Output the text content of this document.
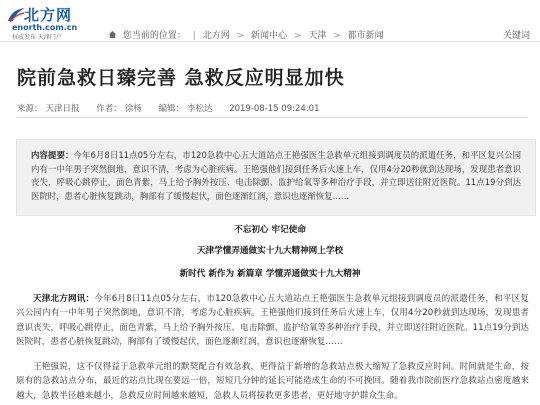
北方网
enorth.com.cn
权威发布 天津门户	您当前的位置： | 北方网 > 新闻中心 > 天津 > 都市新闻	关键词
院前急救日臻完善 急救反应明显加快
来源： 天津日报 作者： 徐杨 编辑： 李松达 2019-08-15 09:24:01
内容提要：今年6月8日11点05分左右，市120急救中心五大道站点王艳强医生急救单元组接到调度员的派遣任务，和平区复兴公园内有一中年男子突然倒地，意识不清，考虑为心脏疾病。王艳强他们接到任务后火速上车，仅用4分20秒就到达现场，发现患者意识丧失，呼吸心跳停止，面色青紫，马上给予胸外按压、电击除颤、监护给氧等多种治疗手段，并立即送往附近医院。11点19分到达医院时，患者心脏恢复跳动，胸部有了缓慢起伏，面色逐渐红润，意识也逐渐恢复……
不忘初心 牢记使命
天津学懂弄通做实十九大精神网上学校
新时代 新作为 新篇章 学懂弄通做实十九大精神
天津北方网讯：今年6月8日11点05分左右，市120急救中心五大道站点王艳强医生急救单元组接到调度员的派遣任务，和平区复兴公园内有一中年男子突然倒地，意识不清，考虑为心脏疾病。王艳强他们接到任务后火速上车，仅用4分20秒就到达现场，发现患者意识丧失，呼吸心跳停止，面色青紫，马上给予胸外按压、电击除颤、监护给氧等多种治疗手段，并立即送往附近医院。11点19分到达医院时，患者心脏恢复跳动，胸部有了缓慢起伏，面色逐渐红润，意识也逐渐恢复……
王艳强说，这不仅得益于急救单元组的默契配合有效急救，更得益于新增的急救站点极大缩短了急救反应时间。时间就是生命，按原有的急救站点分布，最近的站点比现在要远一倍，短短几分钟的延长可能造成生命的不可挽回。随着我市院前医疗急救站点密度越来越大，急救半径越来越小，急救反应时间越来越短，急救人员将接救更多患者，更好地守护群众生命。
